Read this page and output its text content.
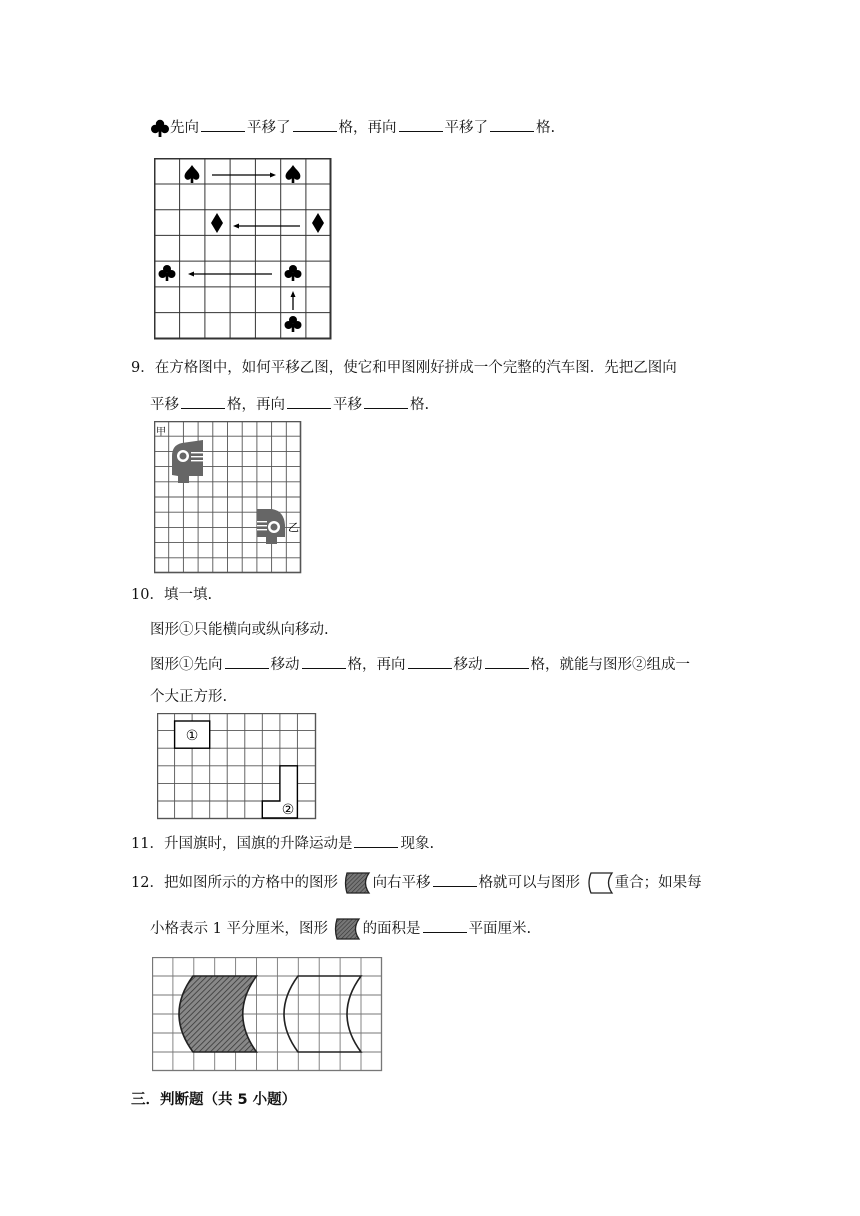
先向	平移了	格，再向	平移了	格.
9．在方格图中，如何平移乙图，使它和甲图刚好拼成一个完整的汽车图．先把乙图向
平移	格，再向	平移	格.
甲
乙
10．填一填.
图形①只能横向或纵向移动.
图形①先向	移动	格，再向	移动	格，就能与图形②组成一
个大正方形.
①
②
11．升国旗时，国旗的升降运动是	现象.
12．把如图所示的方格中的图形 向右平移	格就可以与图形 重合；如果每
小格表示 1 平分厘米，图形 的面积是	平面厘米.
三．判断题（共 5 小题）
